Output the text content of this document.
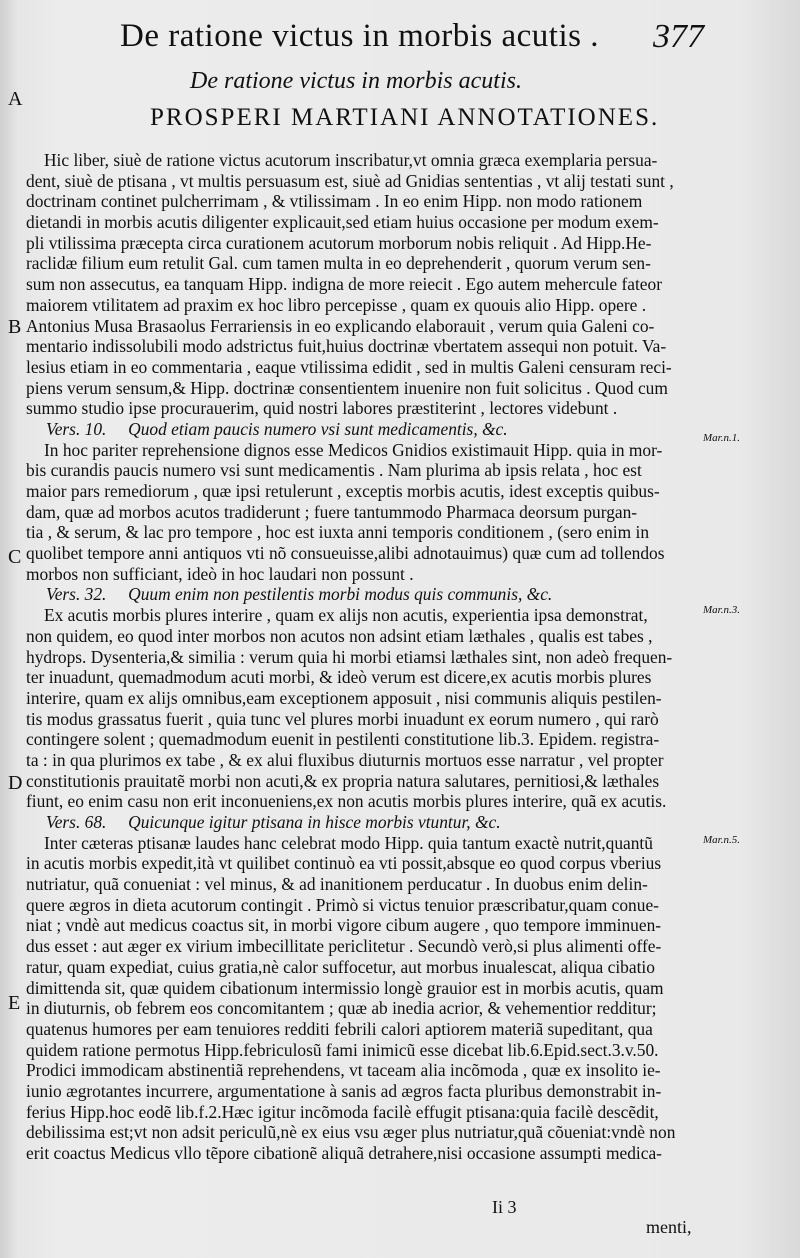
De ratione victus in morbis acutis . 377
De ratione victus in morbis acutis.
PROSPERI MARTIANI ANNOTATIONES.
A
B
C
D
E
Mar.n.1.
Mar.n.3.
Mar.n.5.
Hic liber, siuè de ratione victus acutorum inscribatur,vt omnia græca exemplaria persua-
dent, siuè de ptisana , vt multis persuasum est, siuè ad Gnidias sententias , vt alij testati sunt ,
doctrinam continet pulcherrimam , & vtilissimam . In eo enim Hipp. non modo rationem
dietandi in morbis acutis diligenter explicauit,sed etiam huius occasione per modum exem-
pli vtilissima præcepta circa curationem acutorum morborum nobis reliquit . Ad Hipp.He-
raclidæ filium eum retulit Gal. cum tamen multa in eo deprehenderit , quorum verum sen-
sum non assecutus, ea tanquam Hipp. indigna de more reiecit . Ego autem mehercule fateor
maiorem vtilitatem ad praxim ex hoc libro percepisse , quam ex quouis alio Hipp. opere .
Antonius Musa Brasaolus Ferrariensis in eo explicando elaborauit , verum quia Galeni co-
mentario indissolubili modo adstrictus fuit,huius doctrinæ vbertatem assequi non potuit. Va-
lesius etiam in eo commentaria , eaque vtilissima edidit , sed in multis Galeni censuram reci-
piens verum sensum,& Hipp. doctrinæ consentientem inuenire non fuit solicitus . Quod cum
summo studio ipse procurauerim, quid nostri labores præstiterint , lectores videbunt .
Vers. 10. Quod etiam paucis numero vsi sunt medicamentis, &c.
In hoc pariter reprehensione dignos esse Medicos Gnidios existimauit Hipp. quia in mor-
bis curandis paucis numero vsi sunt medicamentis . Nam plurima ab ipsis relata , hoc est
maior pars remediorum , quæ ipsi retulerunt , exceptis morbis acutis, idest exceptis quibus-
dam, quæ ad morbos acutos tradiderunt ; fuere tantummodo Pharmaca deorsum purgan-
tia , & serum, & lac pro tempore , hoc est iuxta anni temporis conditionem , (sero enim in
quolibet tempore anni antiquos vti nõ consueuisse,alibi adnotauimus) quæ cum ad tollendos
morbos non sufficiant, ideò in hoc laudari non possunt .
Vers. 32. Quum enim non pestilentis morbi modus quis communis, &c.
Ex acutis morbis plures interire , quam ex alijs non acutis, experientia ipsa demonstrat,
non quidem, eo quod inter morbos non acutos non adsint etiam læthales , qualis est tabes ,
hydrops. Dysenteria,& similia : verum quia hi morbi etiamsi læthales sint, non adeò frequen-
ter inuadunt, quemadmodum acuti morbi, & ideò verum est dicere,ex acutis morbis plures
interire, quam ex alijs omnibus,eam exceptionem apposuit , nisi communis aliquis pestilen-
tis modus grassatus fuerit , quia tunc vel plures morbi inuadunt ex eorum numero , qui rarò
contingere solent ; quemadmodum euenit in pestilenti constitutione lib.3. Epidem. registra-
ta : in qua plurimos ex tabe , & ex alui fluxibus diuturnis mortuos esse narratur , vel propter
constitutionis prauitatẽ morbi non acuti,& ex propria natura salutares, pernitiosi,& læthales
fiunt, eo enim casu non erit inconueniens,ex non acutis morbis plures interire, quã ex acutis.
Vers. 68. Quicunque igitur ptisana in hisce morbis vtuntur, &c.
Inter cæteras ptisanæ laudes hanc celebrat modo Hipp. quia tantum exactè nutrit,quantũ
in acutis morbis expedit,ità vt quilibet continuò ea vti possit,absque eo quod corpus vberius
nutriatur, quã conueniat : vel minus, & ad inanitionem perducatur . In duobus enim delin-
quere ægros in dieta acutorum contingit . Primò si victus tenuior præscribatur,quam conue-
niat ; vndè aut medicus coactus sit, in morbi vigore cibum augere , quo tempore imminuen-
dus esset : aut æger ex virium imbecillitate periclitetur . Secundò verò,si plus alimenti offe-
ratur, quam expediat, cuius gratia,nè calor suffocetur, aut morbus inualescat, aliqua cibatio
dimittenda sit, quæ quidem cibationum intermissio longè grauior est in morbis acutis, quam
in diuturnis, ob febrem eos concomitantem ; quæ ab inedia acrior, & vehementior redditur;
quatenus humores per eam tenuiores redditi febrili calori aptiorem materiã supeditant, qua
quidem ratione permotus Hipp.febriculosũ fami inimicũ esse dicebat lib.6.Epid.sect.3.v.50.
Prodici immodicam abstinentiã reprehendens, vt taceam alia incõmoda , quæ ex insolito ie-
iunio ægrotantes incurrere, argumentatione à sanis ad ægros facta pluribus demonstrabit in-
ferius Hipp.hoc eodẽ lib.f.2.Hæc igitur incõmoda facilè effugit ptisana:quia facilè descẽdit,
debilissima est;vt non adsit periculũ,nè ex eius vsu æger plus nutriatur,quã cõueniat:vndè non
erit coactus Medicus vllo tẽpore cibationẽ aliquã detrahere,nisi occasione assumpti medica-
Ii 3
menti,
